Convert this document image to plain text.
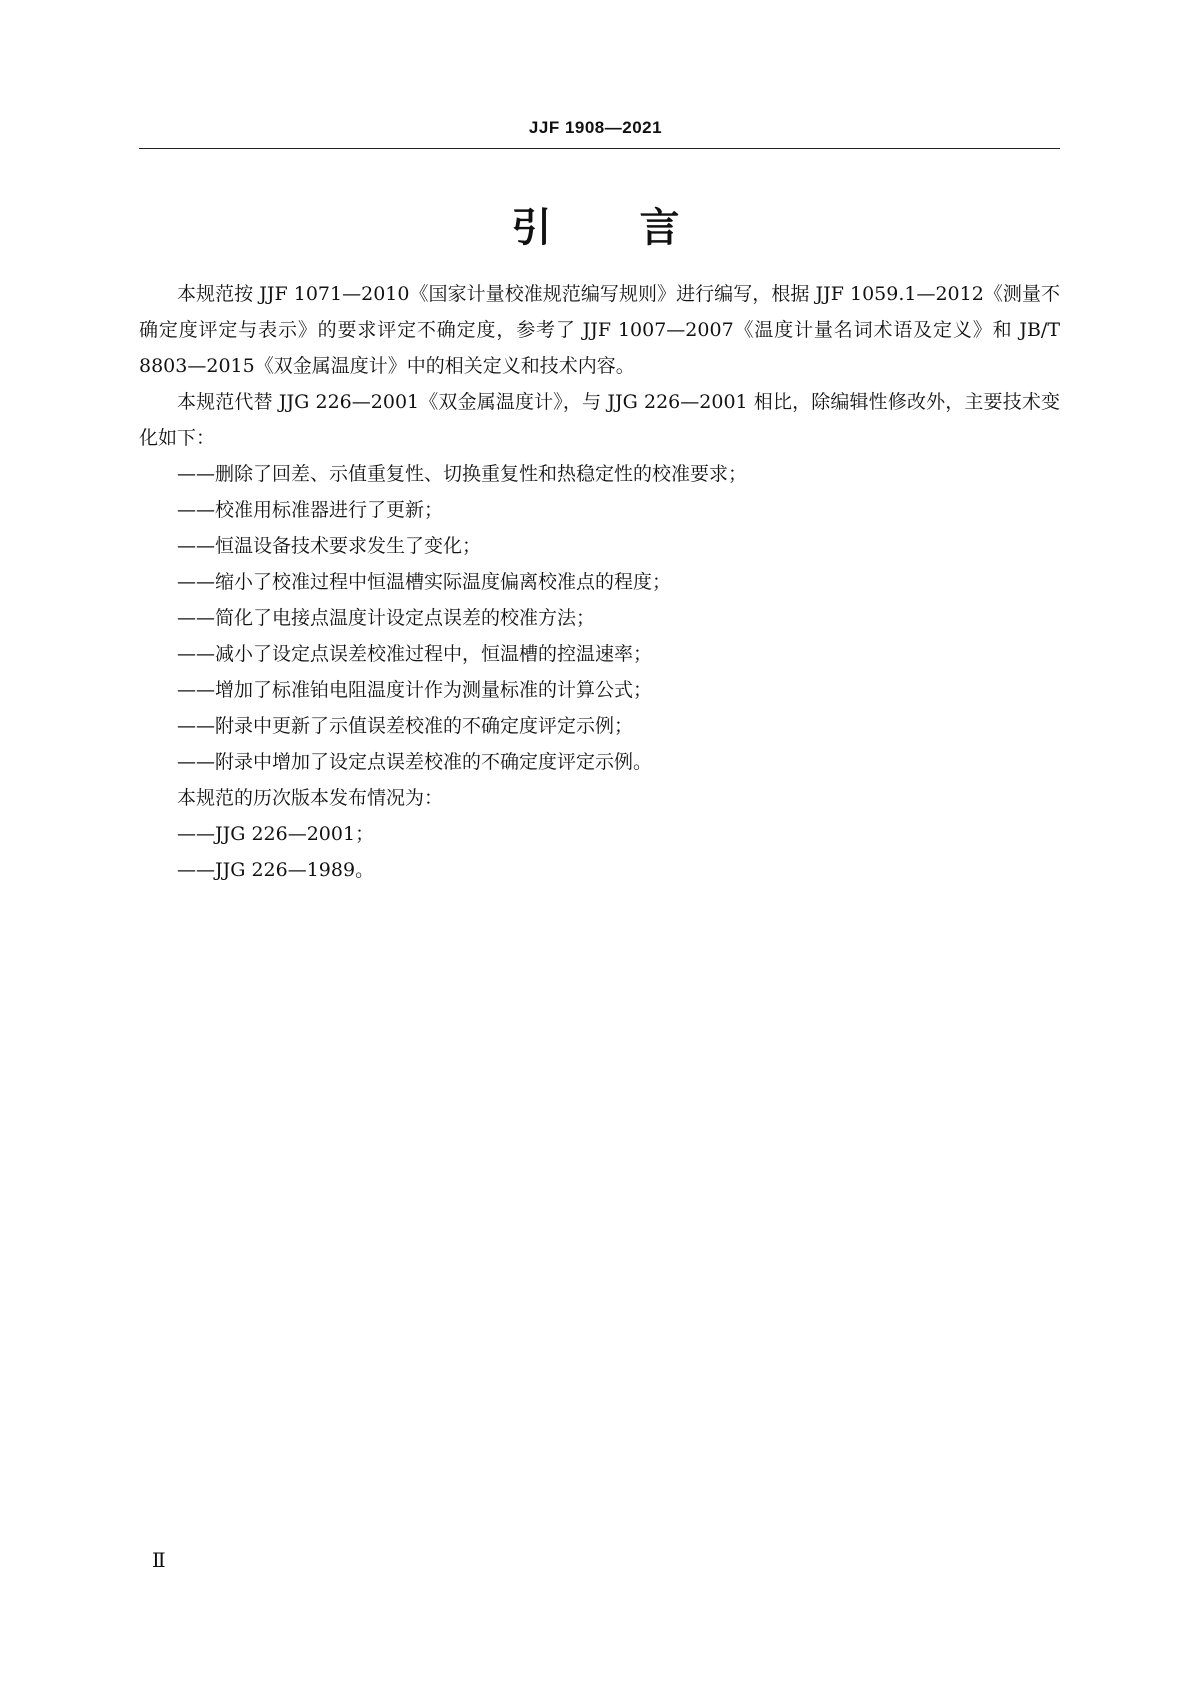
JJF 1908—2021
引 言

本规范按 JJF 1071—2010《国家计量校准规范编写规则》进行编写，根据 JJF 1059.1—2012《测量不确定度评定与表示》的要求评定不确定度，参考了 JJF 1007—2007《温度计量名词术语及定义》和 JB/T 8803—2015《双金属温度计》中的相关定义和技术内容。

本规范代替 JJG 226—2001《双金属温度计》，与 JJG 226—2001 相比，除编辑性修改外，主要技术变化如下：

——删除了回差、示值重复性、切换重复性和热稳定性的校准要求；

——校准用标准器进行了更新；

——恒温设备技术要求发生了变化；

——缩小了校准过程中恒温槽实际温度偏离校准点的程度；

——简化了电接点温度计设定点误差的校准方法；

——减小了设定点误差校准过程中，恒温槽的控温速率；

——增加了标准铂电阻温度计作为测量标准的计算公式；

——附录中更新了示值误差校准的不确定度评定示例；

——附录中增加了设定点误差校准的不确定度评定示例。

本规范的历次版本发布情况为：

——JJG 226—2001；

——JJG 226—1989。

Ⅱ
